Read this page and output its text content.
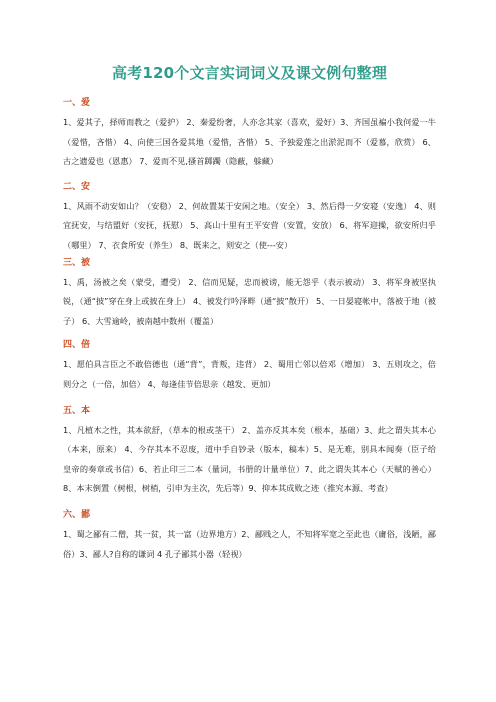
高考120个文言实词词义及课文例句整理
一、爱

1、爱其子，择师而教之（爱护） 2、秦爱纷奢，人亦念其家（喜欢，爱好）3、齐国虽褊小我何爱一牛（爱惜，吝惜） 4、向使三国各爱其地（爱惜，吝惜） 5、予独爱莲之出淤泥而不（爱慕，欣赏） 6、古之遗爱也（恩惠） 7、爱而不见,搔首踯躅（隐蔽，躲藏）

二、安

1、风雨不动安如山？（安稳） 2、何故置某于安闲之地。（安全） 3、然后得一夕安寝（安逸） 4、则宜抚安，与结盟好（安抚，抚慰） 5、高山十里有王平安营（安置，安放） 6、将军迎操，欲安所归乎（哪里） 7、衣食所安（养生） 8、既来之，则安之（使---安）

三、被

1、禹，汤被之矣（蒙受，遭受） 2、信而见疑，忠而被谤，能无怨乎（表示被动） 3、将军身被坚执锐，（通“披”穿在身上或披在身上） 4、被发行吟泽畔（通“披”散开） 5、一日晏寝帐中，落被于地（被子） 6、大雪逾岭，被南越中数州（覆盖）

四、倍

1、愿伯具言臣之不敢倍德也（通“背”，背叛，违背） 2、蜀用亡邻以倍邓（增加） 3、五则攻之，倍则分之（一倍，加倍） 4、每逢佳节倍思亲（越发、更加）

五、本

1、凡植木之性，其本欲舒，（草本的根或茎干） 2、盖亦反其本矣（根本，基础）3、此之谓失其本心（本来，原来） 4、今存其本不忍废，道中手自钞录（版本，稿本）5、是无难，别具本闻奏（臣子给皇帝的奏章或书信）6、若止印三二本（量词，书册的计量单位）7、此之谓失其本心（天赋的善心）8、本末倒置（树根，树梢，引申为主次，先后等）9、抑本其成败之迹（推究本源、考查）

六、鄙

1、蜀之鄙有二僧，其一贫，其一富（边界地方）2、鄙贱之人，不知将军宽之至此也（庸俗，浅陋，鄙俗）3、鄙人?自称的谦词 4 孔子鄙其小器（轻视）
